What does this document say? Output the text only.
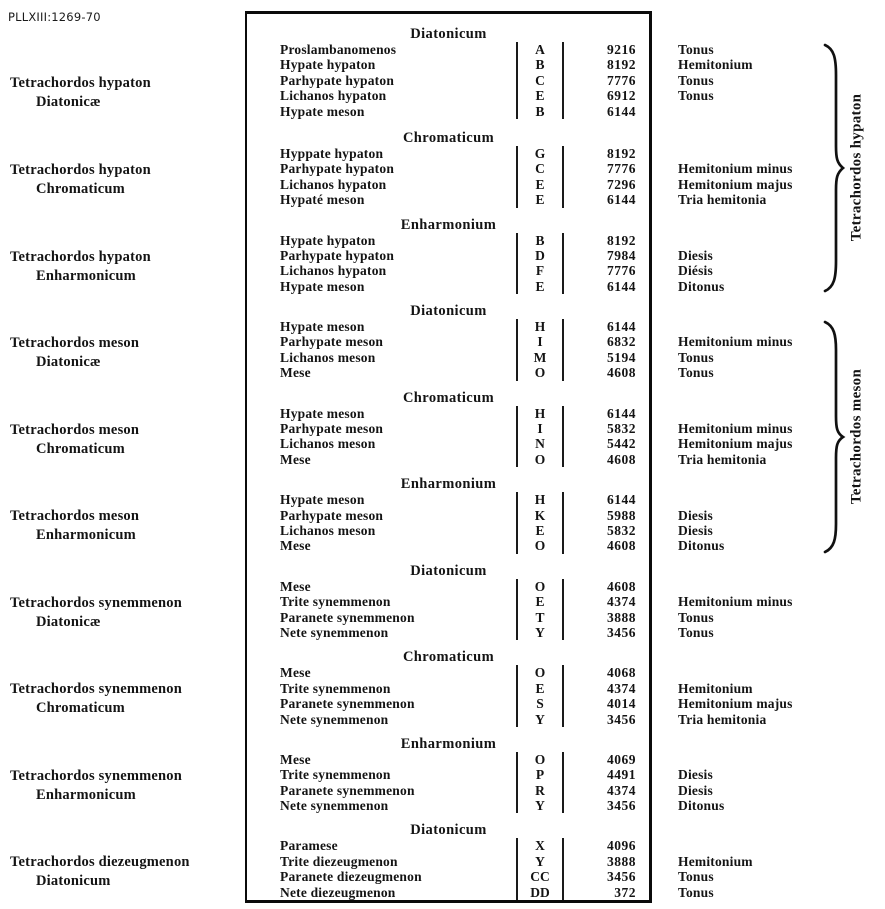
PLLXIII:1269-70
Tetrachordos hypaton
Diatonicæ
Diatonicum
Proslambanomenos	A	9216	Tonus
Hypate hypaton	B	8192	Hemitonium
Parhypate hypaton	C	7776	Tonus
Lichanos hypaton	E	6912	Tonus
Hypate meson	B	6144
Tetrachordos hypaton
Chromaticum
Chromaticum
Hyppate hypaton	G	8192
Parhypate hypaton	C	7776	Hemitonium minus
Lichanos hypaton	E	7296	Hemitonium majus
Hypaté meson	E	6144	Tria hemitonia
Tetrachordos hypaton
Enharmonicum
Enharmonium
Hypate hypaton	B	8192
Parhypate hypaton	D	7984	Diesis
Lichanos hypaton	F	7776	Diésis
Hypate meson	E	6144	Ditonus
Tetrachordos meson
Diatonicæ
Diatonicum
Hypate meson	H	6144
Parhypate meson	I	6832	Hemitonium minus
Lichanos meson	M	5194	Tonus
Mese	O	4608	Tonus
Tetrachordos meson
Chromaticum
Chromaticum
Hypate meson	H	6144
Parhypate meson	I	5832	Hemitonium minus
Lichanos meson	N	5442	Hemitonium majus
Mese	O	4608	Tria hemitonia
Tetrachordos meson
Enharmonicum
Enharmonium
Hypate meson	H	6144
Parhypate meson	K	5988	Diesis
Lichanos meson	E	5832	Diesis
Mese	O	4608	Ditonus
Tetrachordos synemmenon
Diatonicæ
Diatonicum
Mese	O	4608
Trite synemmenon	E	4374	Hemitonium minus
Paranete synemmenon	T	3888	Tonus
Nete synemmenon	Y	3456	Tonus
Tetrachordos synemmenon
Chromaticum
Chromaticum
Mese	O	4068
Trite synemmenon	E	4374	Hemitonium
Paranete synemmenon	S	4014	Hemitonium majus
Nete synemmenon	Y	3456	Tria hemitonia
Tetrachordos synemmenon
Enharmonicum
Enharmonium
Mese	O	4069
Trite synemmenon	P	4491	Diesis
Paranete synemmenon	R	4374	Diesis
Nete synemmenon	Y	3456	Ditonus
Tetrachordos diezeugmenon
Diatonicum
Diatonicum
Paramese	X	4096
Trite diezeugmenon	Y	3888	Hemitonium
Paranete diezeugmenon	CC	3456	Tonus
Nete diezeugmenon	DD	372	Tonus
Tetrachordos hypaton
Tetrachordos meson
